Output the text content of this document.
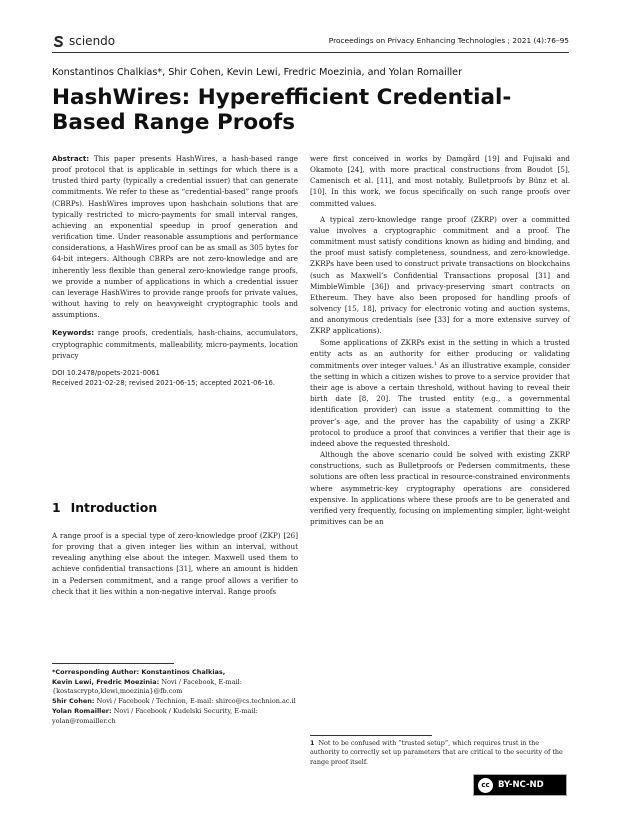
sciendo	Proceedings on Privacy Enhancing Technologies ; 2021 (4):76–95
Konstantinos Chalkias*, Shir Cohen, Kevin Lewi, Fredric Moezinia, and Yolan Romailler
HashWires: Hyperefficient Credential-Based Range Proofs

Abstract: This paper presents HashWires, a hash-based range proof protocol that is applicable in settings for which there is a trusted third party (typically a credential issuer) that can generate commitments. We refer to these as “credential-based” range proofs (CBRPs). HashWires improves upon hashchain solutions that are typically restricted to micro-payments for small interval ranges, achieving an exponential speedup in proof generation and verification time. Under reasonable assumptions and performance considerations, a HashWires proof can be as small as 305 bytes for 64-bit integers. Although CBRPs are not zero-knowledge and are inherently less flexible than general zero-knowledge range proofs, we provide a number of applications in which a credential issuer can leverage HashWires to provide range proofs for private values, without having to rely on heavyweight cryptographic tools and assumptions.

Keywords: range proofs, credentials, hash-chains, accumulators, cryptographic commitments, malleability, micro-payments, location privacy

DOI 10.2478/popets-2021-0061

Received 2021-02-28; revised 2021-06-15; accepted 2021-06-16.

1 Introduction

A range proof is a special type of zero-knowledge proof (ZKP) [26] for proving that a given integer lies within an interval, without revealing anything else about the integer. Maxwell used them to achieve confidential transactions [31], where an amount is hidden in a Pedersen commitment, and a range proof allows a verifier to check that it lies within a non-negative interval. Range proofs

*Corresponding Author: Konstantinos Chalkias,
Kevin Lewi, Fredric Moezinia: Novi / Facebook, E-mail: {kostascrypto,klewi,moezinia}@fb.com
Shir Cohen: Novi / Facebook / Technion, E-mail: shirco@cs.technion.ac.il
Yolan Romailler: Novi / Facebook / Kudelski Security, E-mail: yolan@romailler.ch

were first conceived in works by Damgård [19] and Fujisaki and Okamoto [24], with more practical constructions from Boudot [5], Camenisch et al. [11], and most notably, Bulletproofs by Bünz et al. [10]. In this work, we focus specifically on such range proofs over committed values.

A typical zero-knowledge range proof (ZKRP) over a committed value involves a cryptographic commitment and a proof. The commitment must satisfy conditions known as hiding and binding, and the proof must satisfy completeness, soundness, and zero-knowledge. ZKRPs have been used to construct private transactions on blockchains (such as Maxwell’s Confidential Transactions proposal [31] and MimbleWimble [36]) and privacy-preserving smart contracts on Ethereum. They have also been proposed for handling proofs of solvency [15, 18], privacy for electronic voting and auction systems, and anonymous credentials (see [33] for a more extensive survey of ZKRP applications).

Some applications of ZKRPs exist in the setting in which a trusted entity acts as an authority for either producing or validating commitments over integer values.$^1$ As an illustrative example, consider the setting in which a citizen wishes to prove to a service provider that their age is above a certain threshold, without having to reveal their birth date [8, 20]. The trusted entity (e.g., a governmental identification provider) can issue a statement committing to the prover’s age, and the prover has the capability of using a ZKRP protocol to produce a proof that convinces a verifier that their age is indeed above the requested threshold.

Although the above scenario could be solved with existing ZKRP constructions, such as Bulletproofs or Pedersen commitments, these solutions are often less practical in resource-constrained environments where asymmetric-key cryptography operations are considered expensive. In applications where these proofs are to be generated and verified very frequently, focusing on implementing simpler, light-weight primitives can be an

1 Not to be confused with “trusted setup”, which requires trust in the authority to correctly set up parameters that are critical to the security of the range proof itself.
cc BY-NC-ND
